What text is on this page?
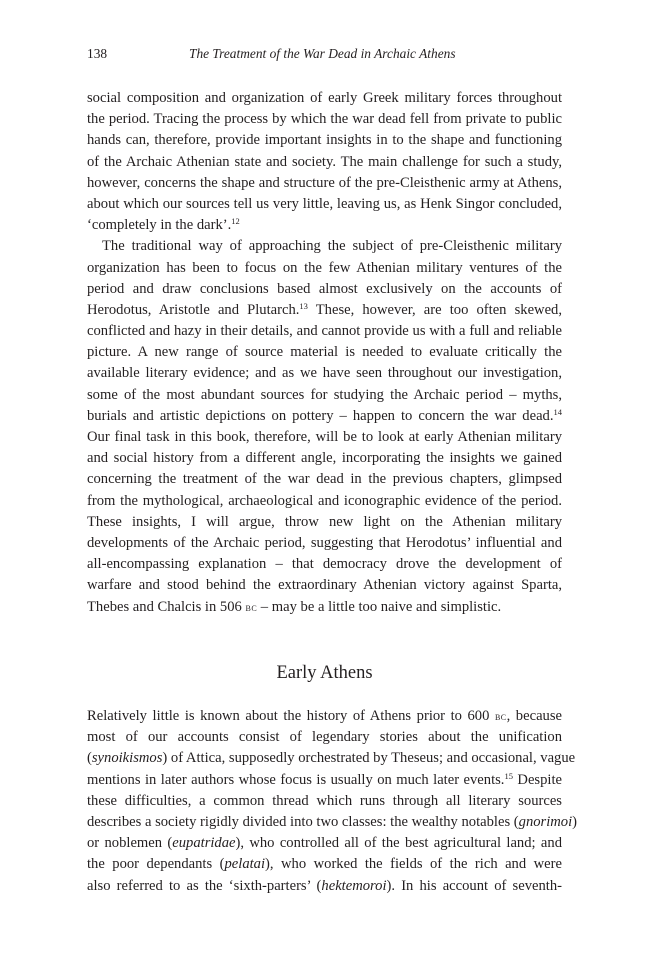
138	The Treatment of the War Dead in Archaic Athens
social composition and organization of early Greek military forces throughout
the period. Tracing the process by which the war dead fell from private to public
hands can, therefore, provide important insights in to the shape and functioning
of the Archaic Athenian state and society. The main challenge for such a study,
however, concerns the shape and structure of the pre-Cleisthenic army at Athens,
about which our sources tell us very little, leaving us, as Henk Singor concluded,
‘completely in the dark’.$^{12}$
The traditional way of approaching the subject of pre-Cleisthenic military
organization has been to focus on the few Athenian military ventures of the
period and draw conclusions based almost exclusively on the accounts of
Herodotus, Aristotle and Plutarch.$^{13}$ These, however, are too often skewed,
conflicted and hazy in their details, and cannot provide us with a full and reliable
picture. A new range of source material is needed to evaluate critically the
available literary evidence; and as we have seen throughout our investigation,
some of the most abundant sources for studying the Archaic period – myths,
burials and artistic depictions on pottery – happen to concern the war dead.$^{14}$
Our final task in this book, therefore, will be to look at early Athenian military
and social history from a different angle, incorporating the insights we gained
concerning the treatment of the war dead in the previous chapters, glimpsed
from the mythological, archaeological and iconographic evidence of the period.
These insights, I will argue, throw new light on the Athenian military
developments of the Archaic period, suggesting that Herodotus’ influential and
all-encompassing explanation – that democracy drove the development of
warfare and stood behind the extraordinary Athenian victory against Sparta,
Thebes and Chalcis in 506 bc – may be a little too naive and simplistic.
Early Athens
Relatively little is known about the history of Athens prior to 600 bc, because
most of our accounts consist of legendary stories about the unification
(synoikismos) of Attica, supposedly orchestrated by Theseus; and occasional, vague
mentions in later authors whose focus is usually on much later events.$^{15}$ Despite
these difficulties, a common thread which runs through all literary sources
describes a society rigidly divided into two classes: the wealthy notables (gnorimoi)
or noblemen (eupatridae), who controlled all of the best agricultural land; and
the poor dependants (pelatai), who worked the fields of the rich and were
also referred to as the ‘sixth-parters’ (hektemoroi). In his account of seventh-
